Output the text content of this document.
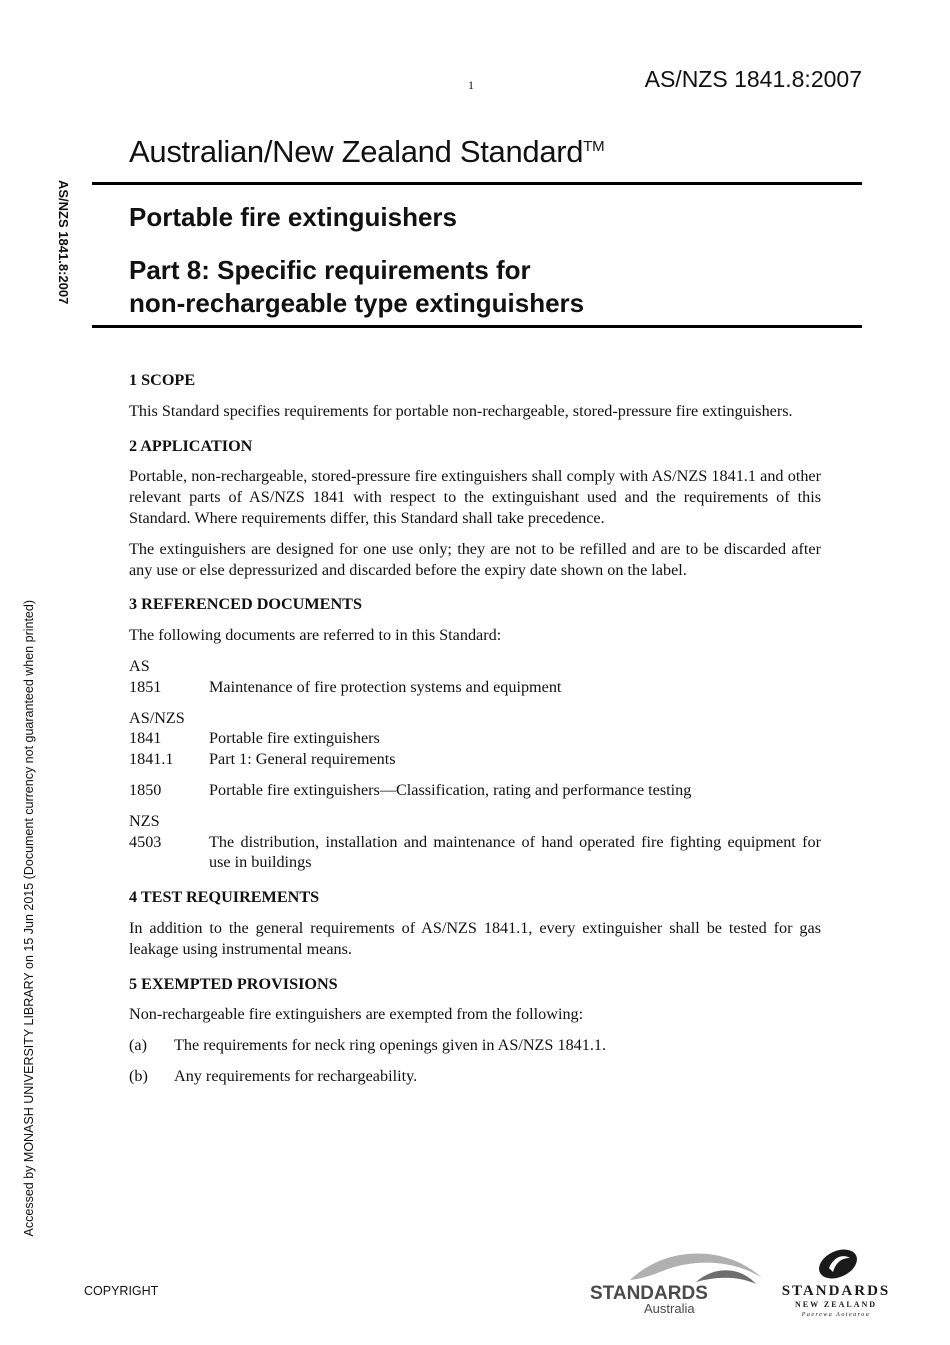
1	AS/NZS 1841.8:2007
Australian/New Zealand Standard™
Portable fire extinguishers
Part 8: Specific requirements for
non-rechargeable type extinguishers
AS/NZS 1841.8:2007
Accessed by MONASH UNIVERSITY LIBRARY on 15 Jun 2015 (Document currency not guaranteed when printed)
1 SCOPE
This Standard specifies requirements for portable non-rechargeable, stored-pressure fire extinguishers.
2 APPLICATION
Portable, non-rechargeable, stored-pressure fire extinguishers shall comply with AS/NZS 1841.1 and other relevant parts of AS/NZS 1841 with respect to the extinguishant used and the requirements of this Standard. Where requirements differ, this Standard shall take precedence.
The extinguishers are designed for one use only; they are not to be refilled and are to be discarded after any use or else depressurized and discarded before the expiry date shown on the label.
3 REFERENCED DOCUMENTS
The following documents are referred to in this Standard:
AS
1851	Maintenance of fire protection systems and equipment
AS/NZS
1841	Portable fire extinguishers
1841.1	Part 1: General requirements
1850	Portable fire extinguishers—Classification, rating and performance testing
NZS
4503	The distribution, installation and maintenance of hand operated fire fighting equipment for use in buildings
4 TEST REQUIREMENTS
In addition to the general requirements of AS/NZS 1841.1, every extinguisher shall be tested for gas leakage using instrumental means.
5 EXEMPTED PROVISIONS
Non-rechargeable fire extinguishers are exempted from the following:
(a)	The requirements for neck ring openings given in AS/NZS 1841.1.
(b)	Any requirements for rechargeability.
COPYRIGHT	STANDARDS
Australia
STANDARDS
NEW ZEALAND
Paerewa Aotearoa
